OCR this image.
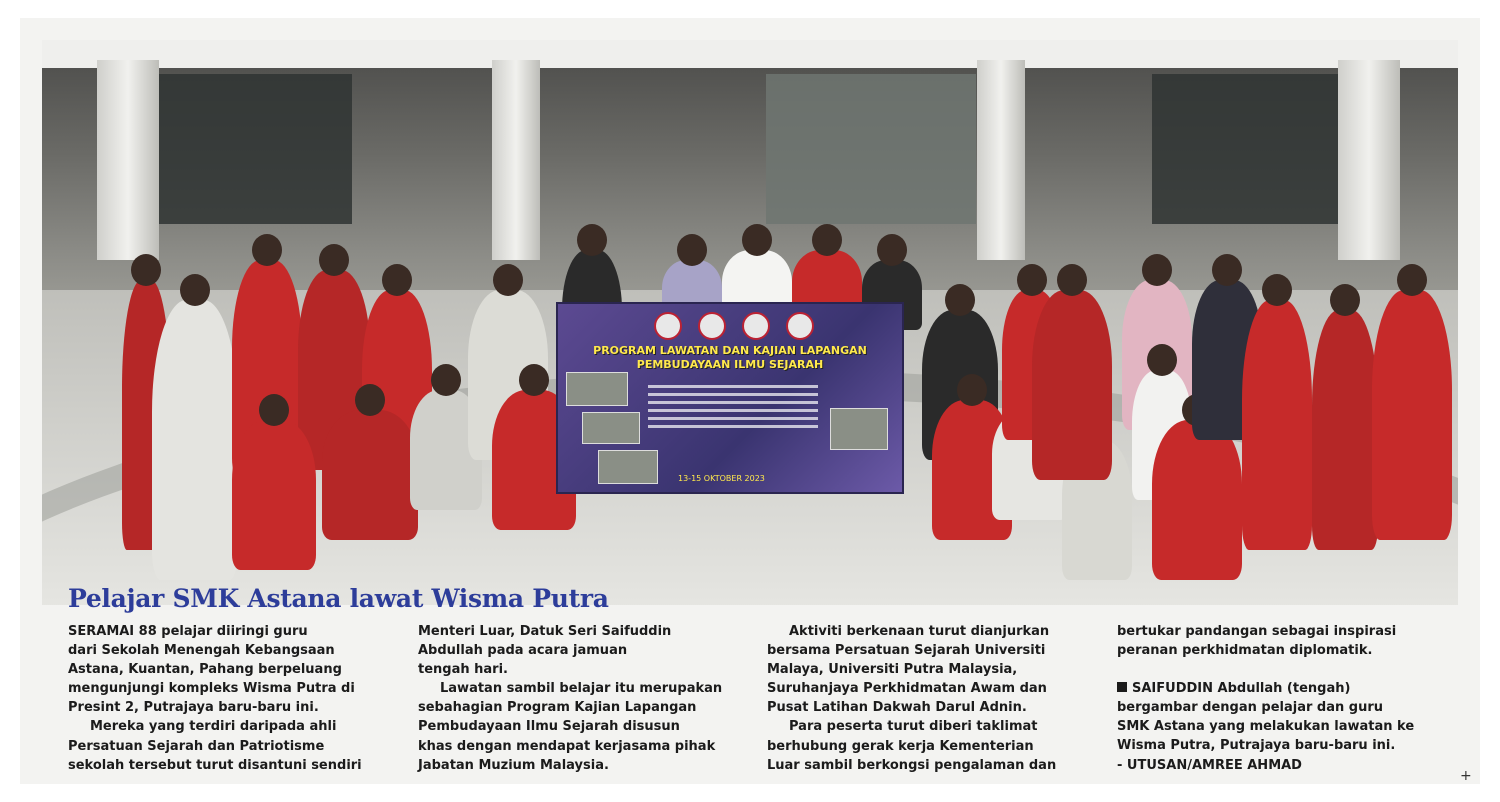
PROGRAM LAWATAN DAN KAJIAN LAPANGAN
PEMBUDAYAAN ILMU SEJARAH
13-15 OKTOBER 2023
Pelajar SMK Astana lawat Wisma Putra
SERAMAI 88 pelajar diiringi guru
dari Sekolah Menengah Kebangsaan
Astana, Kuantan, Pahang berpeluang
mengunjungi kompleks Wisma Putra di
Presint 2, Putrajaya baru-baru ini.
Mereka yang terdiri daripada ahli
Persatuan Sejarah dan Patriotisme
sekolah tersebut turut disantuni sendiri
Menteri Luar, Datuk Seri Saifuddin
Abdullah pada acara jamuan
tengah hari.
Lawatan sambil belajar itu merupakan
sebahagian Program Kajian Lapangan
Pembudayaan Ilmu Sejarah disusun
khas dengan mendapat kerjasama pihak
Jabatan Muzium Malaysia.
Aktiviti berkenaan turut dianjurkan
bersama Persatuan Sejarah Universiti
Malaya, Universiti Putra Malaysia,
Suruhanjaya Perkhidmatan Awam dan
Pusat Latihan Dakwah Darul Adnin.
Para peserta turut diberi taklimat
berhubung gerak kerja Kementerian
Luar sambil berkongsi pengalaman dan
bertukar pandangan sebagai inspirasi
peranan perkhidmatan diplomatik.
SAIFUDDIN Abdullah (tengah)
bergambar dengan pelajar dan guru
SMK Astana yang melakukan lawatan ke
Wisma Putra, Putrajaya baru-baru ini.
- UTUSAN/AMREE AHMAD
+
